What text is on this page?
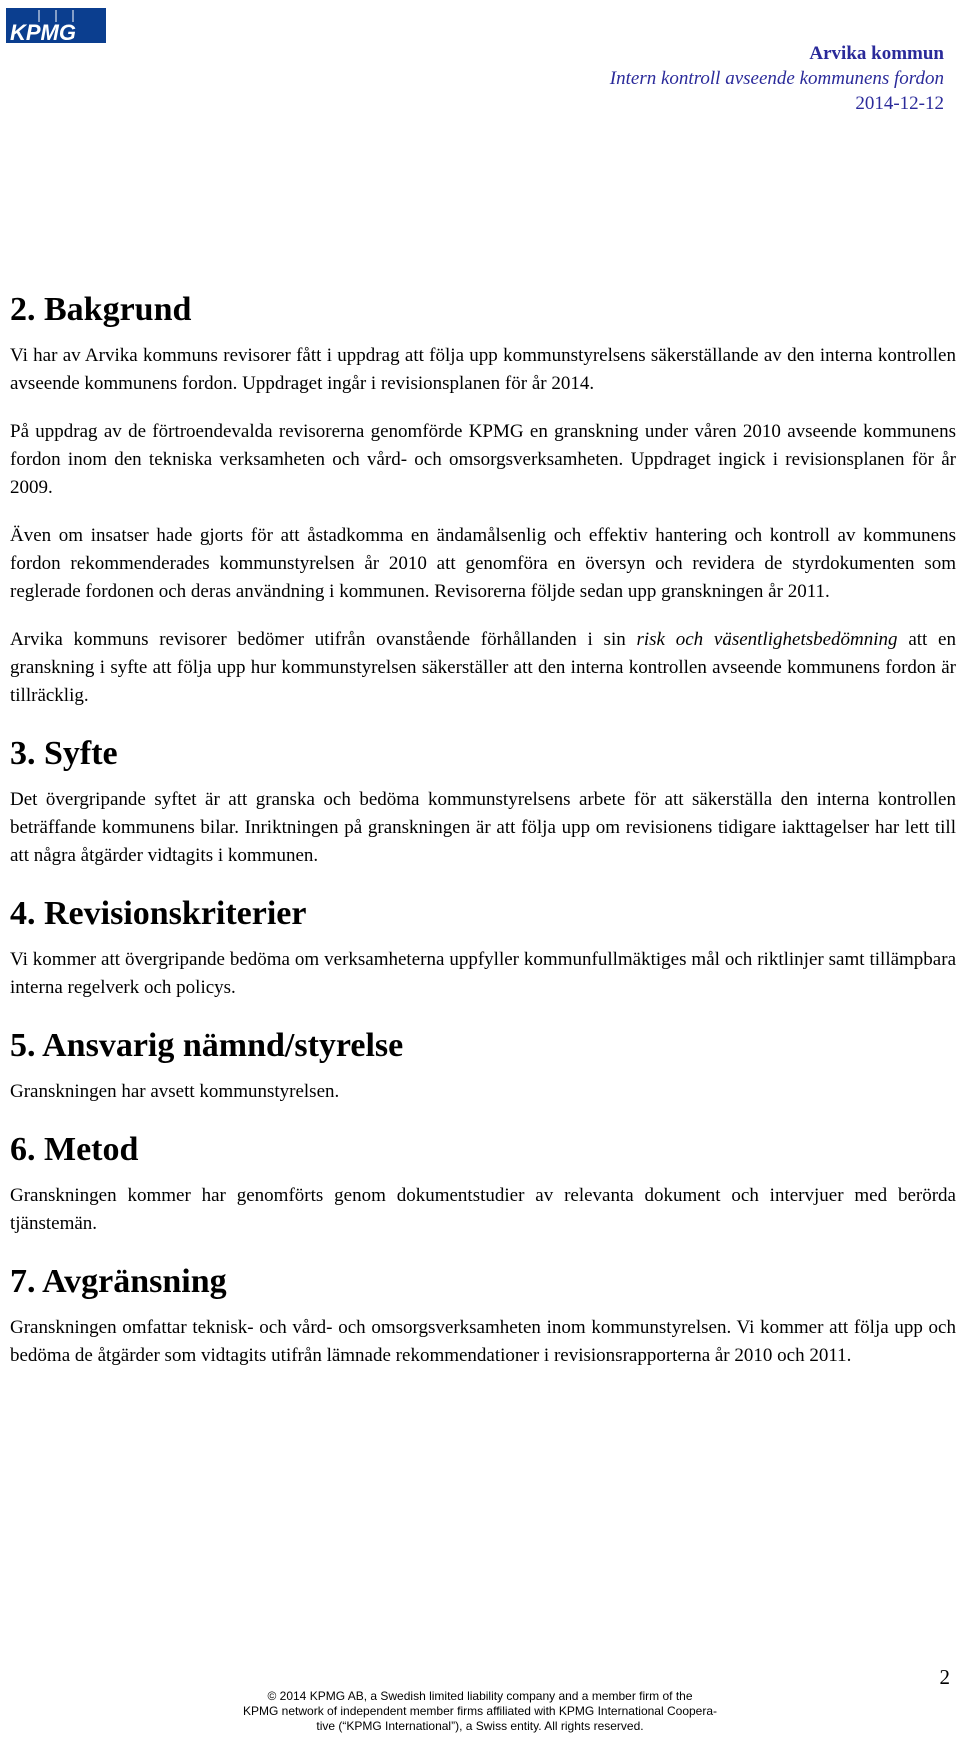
KPMG
Arvika kommun
Intern kontroll avseende kommunens fordon
2014-12-12
2. Bakgrund

Vi har av Arvika kommuns revisorer fått i uppdrag att följa upp kommunstyrelsens säkerställande av den interna kontrollen avseende kommunens fordon. Uppdraget ingår i revisionsplanen för år 2014.

På uppdrag av de förtroendevalda revisorerna genomförde KPMG en granskning under våren 2010 avseende kommunens fordon inom den tekniska verksamheten och vård- och omsorgsverksamheten. Uppdraget ingick i revisionsplanen för år 2009.

Även om insatser hade gjorts för att åstadkomma en ändamålsenlig och effektiv hantering och kontroll av kommunens fordon rekommenderades kommunstyrelsen år 2010 att genomföra en översyn och revidera de styrdokumenten som reglerade fordonen och deras användning i kommunen. Revisorerna följde sedan upp granskningen år 2011.

Arvika kommuns revisorer bedömer utifrån ovanstående förhållanden i sin risk och väsentlighetsbedömning att en granskning i syfte att följa upp hur kommunstyrelsen säkerställer att den interna kontrollen avseende kommunens fordon är tillräcklig.

3. Syfte

Det övergripande syftet är att granska och bedöma kommunstyrelsens arbete för att säkerställa den interna kontrollen beträffande kommunens bilar. Inriktningen på granskningen är att följa upp om revisionens tidigare iakttagelser har lett till att några åtgärder vidtagits i kommunen.

4. Revisionskriterier

Vi kommer att övergripande bedöma om verksamheterna uppfyller kommunfullmäktiges mål och riktlinjer samt tillämpbara interna regelverk och policys.

5. Ansvarig nämnd/styrelse

Granskningen har avsett kommunstyrelsen.

6. Metod

Granskningen kommer har genomförts genom dokumentstudier av relevanta dokument och intervjuer med berörda tjänstemän.

7. Avgränsning

Granskningen omfattar teknisk- och vård- och omsorgsverksamheten inom kommunstyrelsen. Vi kommer att följa upp och bedöma de åtgärder som vidtagits utifrån lämnade rekommendationer i revisionsrapporterna år 2010 och 2011.

2
© 2014 KPMG AB, a Swedish limited liability company and a member firm of the
KPMG network of independent member firms affiliated with KPMG International Coopera-
tive (“KPMG International”), a Swiss entity. All rights reserved.
